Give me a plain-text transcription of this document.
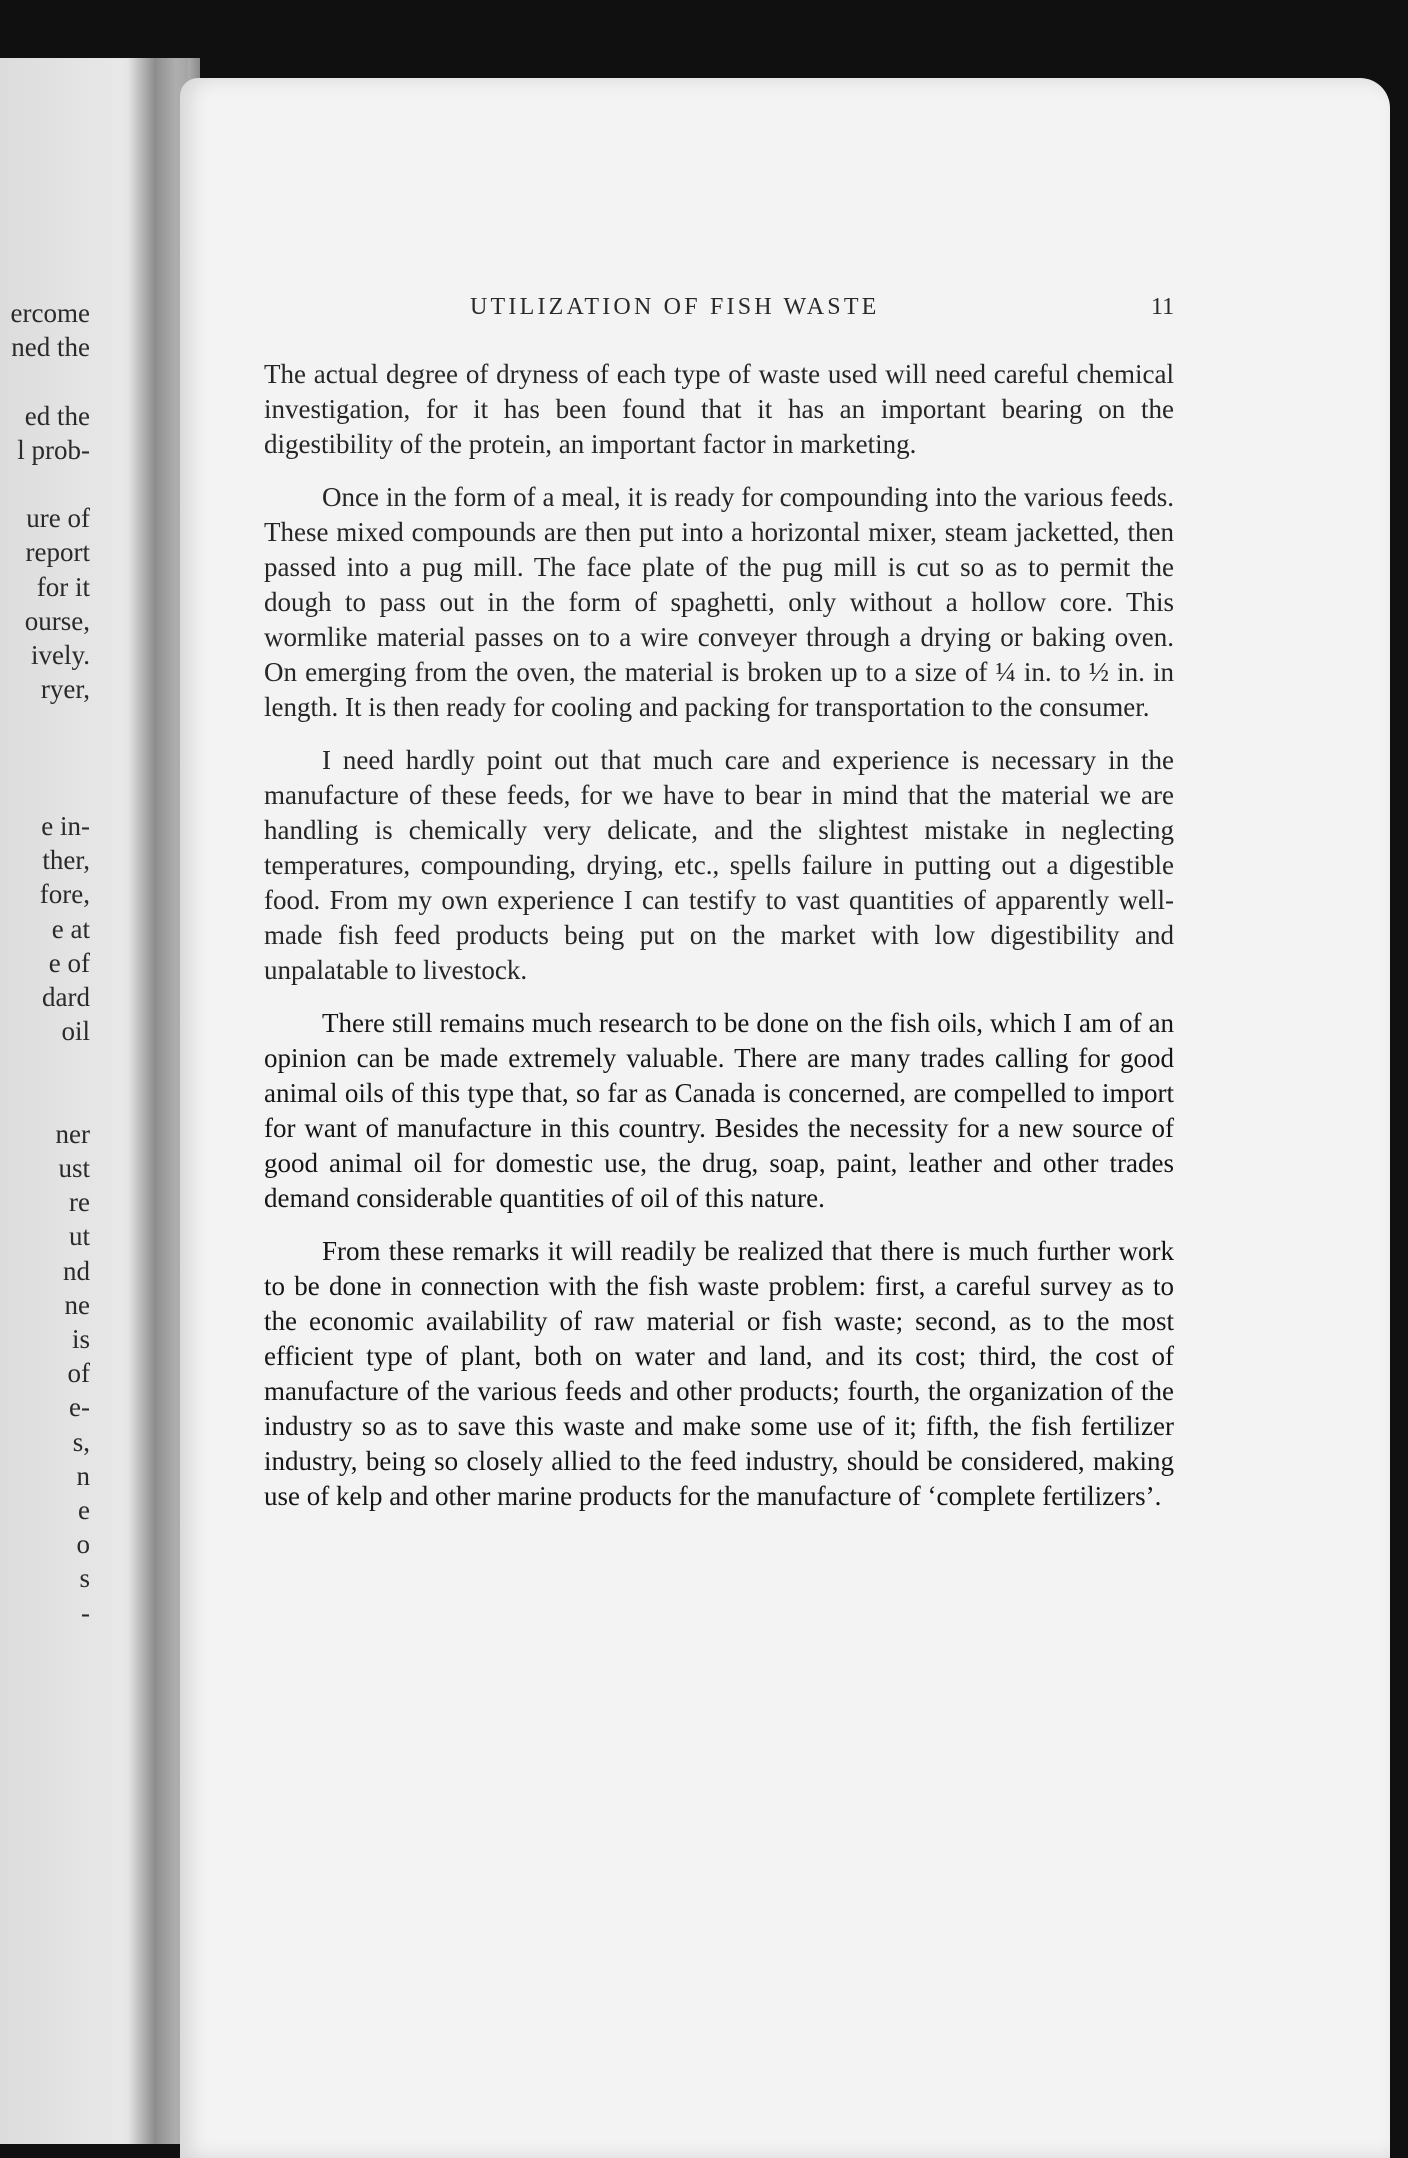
ercome
ned the
ed the
l prob-
ure of
report
for it
ourse,
ively.
ryer,
e in-
ther,
fore,
e at
e of
dard
oil
ner
ust
re
ut
nd
ne
is
of
e-
s,
n
e
o
s
-
UTILIZATION OF FISH WASTE	11

The actual degree of dryness of each type of waste used will need careful chemical investigation, for it has been found that it has an important bearing on the digestibility of the protein, an important factor in marketing.

Once in the form of a meal, it is ready for compounding into the various feeds. These mixed compounds are then put into a horizontal mixer, steam jacketted, then passed into a pug mill. The face plate of the pug mill is cut so as to permit the dough to pass out in the form of spaghetti, only without a hollow core. This wormlike material passes on to a wire conveyer through a drying or baking oven. On emerging from the oven, the material is broken up to a size of ¼ in. to ½ in. in length. It is then ready for cooling and packing for transportation to the consumer.

I need hardly point out that much care and experience is necessary in the manufacture of these feeds, for we have to bear in mind that the material we are handling is chemically very delicate, and the slightest mistake in neglecting temperatures, compounding, drying, etc., spells failure in putting out a digestible food. From my own experience I can testify to vast quantities of apparently well-made fish feed products being put on the market with low digestibility and unpalatable to livestock.

There still remains much research to be done on the fish oils, which I am of an opinion can be made extremely valuable. There are many trades calling for good animal oils of this type that, so far as Canada is concerned, are compelled to import for want of manufacture in this country. Besides the necessity for a new source of good animal oil for domestic use, the drug, soap, paint, leather and other trades demand considerable quantities of oil of this nature.

From these remarks it will readily be realized that there is much further work to be done in connection with the fish waste problem: first, a careful survey as to the economic availability of raw material or fish waste; second, as to the most efficient type of plant, both on water and land, and its cost; third, the cost of manufacture of the various feeds and other products; fourth, the organization of the industry so as to save this waste and make some use of it; fifth, the fish fertilizer industry, being so closely allied to the feed industry, should be considered, making use of kelp and other marine products for the manufacture of ‘complete fertilizers’.
